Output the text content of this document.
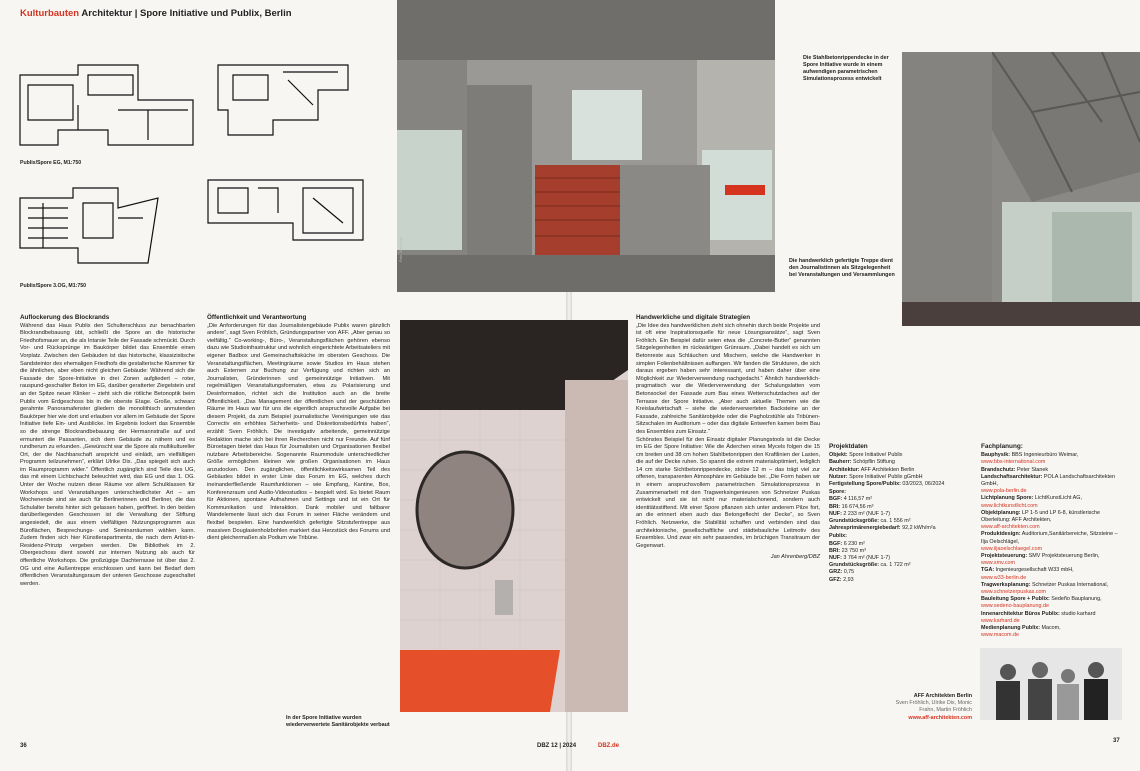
Kulturbauten Architektur | Spore Initiative und Publix, Berlin
Publix/Spore EG, M1:750
Publix/Spore 3.OG, M1:750
Foto: Zara Gold
Die Stahlbetonrippendecke in der Spore Initiative wurde in einem aufwendigen parametrischen Simulationsprozess entwickelt
Die handwerklich gefertigte Treppe dient den Journalistinnen als Sitzgelegenheit bei Veranstaltungen und Versammlungen
In der Spore Initiative wurden wiederverwertete Sanitärobjekte verbaut
Auflockerung des Blockrands

Während das Haus Publix den Schulterschluss zur benachbarten Blockrandbebauung übt, schließt die Spore an die historische Friedhofsmauer an, die als Intarsie Teile der Fassade schmückt. Durch Vor- und Rücksprünge im Baukörper bildet das Ensemble einen Vorplatz. Zwischen den Gebäuden ist das historische, klassizistische Sandsteintor des ehemaligen Friedhofs die gestalterische Klammer für die ähnlichen, aber eben nicht gleichen Gebäude: Während sich die Fassade der Spore-Initiative in drei Zonen aufgliedert – roter, rauspund-geschalter Beton im EG, darüber geratterter Ziegelstein und an der Spitze neuer Klinker – zieht sich die rötliche Betonoptik beim Publix vom Erdgeschoss bis in die oberste Etage. Große, schwarz gerahmte Panoramafenster gliedern die monolithisch anmutenden Baukörper hier wie dort und erlauben vor allem im Gebäude der Spore Initiative tiefe Ein- und Ausblicke. Im Ergebnis lockert das Ensemble so die strenge Blockrandbebauung der Hermannstraße auf und ermuntert die Passanten, sich dem Gebäude zu nähern und es rundherum zu erkunden. „Gewünscht war die Spore als multikultureller Ort, der die Nachbarschaft anspricht und einlädt, am vielfältigen Programm teilzunehmen“, erklärt Ulrike Dix. „Das spiegelt sich auch im Raumprogramm wider.“ Öffentlich zugänglich sind Teile des UG, das mit einem Lichtschacht beleuchtet wird, das EG und das 1. OG. Unter der Woche nutzen diese Räume vor allem Schulklassen für Workshops und Veranstaltungen unterschiedlichster Art – am Wochenende sind sie auch für Berlinerinnen und Berliner, die das Schulalter bereits hinter sich gelassen haben, geöffnet. In den beiden darüberliegenden Geschossen ist die Verwaltung der Stiftung angesiedelt, die aus einem vielfältigen Nutzungsprogramm aus Büroflächen, Besprechungs- und Seminarräumen wählen kann. Zudem finden sich hier Künstlerapartments, die nach dem Artist-in-Residenz-Prinzip vergeben werden. Die Bibliothek im 2. Obergeschoss dient sowohl zur internen Nutzung als auch für öffentliche Workshops. Die großzügige Dachterrasse ist über das 2. OG und eine Außentreppe erschlossen und kann bei Bedarf dem öffentlichen Veranstaltungsraum der unteren Geschosse zugeschaltet werden.

Öffentlichkeit und Verantwortung

„Die Anforderungen für das Journalistengebäude Publix waren gänzlich andere“, sagt Sven Fröhlich, Gründungspartner von AFF. „Aber genau so vielfältig.“ Co-working-, Büro-, Veranstaltungsflächen gehören ebenso dazu wie Studioinfrastruktur und wohnlich eingerichtete Arbeitsateliers mit eigener Badbox und Gemeinschaftsküche im obersten Geschoss. Die Veranstaltungsflächen, Meetingräume sowie Studios im Haus stehen auch Externen zur Buchung zur Verfügung und richten sich an Journalisten, Gründerinnen und gemeinnützige Initiativen. Mit regelmäßigen Veranstaltungsformaten, etwa zu Polarisierung und Desinformation, richtet sich die Institution auch an die breite Öffentlichkeit. „Das Management der öffentlichen und der geschützten Räume im Haus war für uns die eigentlich anspruchsvolle Aufgabe bei diesem Projekt, da zum Beispiel journalistische Vereinigungen wie das Correctiv ein erhöhtes Sicherheits- und Diskretionsbedürfnis haben“, erzählt Sven Fröhlich. Die investigativ arbeitende, gemeinnützige Redaktion mache sich bei ihren Recherchen nicht nur Freunde. Auf fünf Büroetagen bietet das Haus für Journalisten und Organisationen flexibel nutzbare Arbeitsbereiche. Sogenannte Raummodule unterschiedlicher Größe ermöglichen kleinen wie großen Organisationen im Haus anzudocken. Den zugänglichen, öffentlichkeitswirksamen Teil des Gebäudes bildet in erster Linie das Forum im EG, welches durch ineinanderfließende Raumfunktionen – wie Empfang, Kantine, Box, Konferenzraum und Audio-Videostudios – bespielt wird. Es bietet Raum für Aktionen, spontane Aufnahmen und Settings und ist ein Ort für Kommunikation und Interaktion. Dank mobiler und faltbarer Wandelemente lässt sich das Forum in seiner Fläche verändern und flexibel bespielen. Eine handwerklich gefertigte Sitzstufentreppe aus massiven Douglasienholzbohlen markiert das Herzstück des Forums und dient gleichermaßen als Podium wie Tribüne.

Handwerkliche und digitale Strategien

„Die Idee des handwerklichen zieht sich ohnehin durch beide Projekte und ist oft eine Inspirationsquelle für neue Lösungsansätze“, sagt Sven Fröhlich. Ein Beispiel dafür seien etwa die „Concrete-Butter“ genannten Sitzgelegenheiten im rückwärtigen Grünraum. „Dabei handelt es sich um Betonreste aus Schläuchen und Mischern, welche die Handwerker in simplen Folienbehältnissen auffangen. Wir fanden die Strukturen, die sich daraus ergeben haben sehr interessant, und haben daher über eine Möglichkeit zur Wiederverwendung nachgedacht.“ Ähnlich handwerklich-pragmatisch war die Wiederverwendung der Schalungslatten vom Betonsockel der Fassade zum Bau eines Wetterschutzdaches auf der Terrasse der Spore Initiative. „Aber auch aktuelle Themen wie die Kreislaufwirtschaft – siehe die wiederverwerteten Backsteine an der Fassade, zahlreiche Sanitärobjekte oder die Pagholzstühle als Tribünen-Sitzschalen im Auditorium – oder das digitale Entwerfen kamen beim Bau des Ensembles zum Einsatz.“

Schönstes Beispiel für den Einsatz digitaler Planungstools ist die Decke im EG der Spore Initiative: Wie die Äderchen eines Mycels folgen die 15 cm breiten und 38 cm hohen Stahlbetonrippen den Kraftlinien der Lasten, die auf der Decke ruhen. So spannt die extrem materialoptimiert, lediglich 14 cm starke Sichtbetonrippendecke, stolze 12 m – das trägt viel zur offenen, transparenten Atmosphäre im Gebäude bei. „Die Form haben wir in einem anspruchsvollem parametrischen Simulationsprozess in Zusammenarbeit mit den Tragwerksingenieuren von Schnetzer Puskas entwickelt und sie ist nicht nur materialschonend, sondern auch identitätsstiftend. Mit einer Spore pflanzen sich unter anderem Pilze fort, an die erinnert eben auch das Betongeflecht der Decke“, so Sven Fröhlich. Netzwerke, die Stabilität schaffen und verbinden sind das architektonische, gesellschaftliche und städtebauliche Leitmotiv des Ensembles. Und zwar ein sehr passendes, im brüchigen Transitraum der Gegenwart.

Jan Ahrenberg/DBZ

Projektdaten
Objekt: Spore Initiative/ Publix
Bauherr: Schöpflin Stiftung
Architektur: AFF Architekten Berlin
Nutzer: Spore Initiative/ Publix gGmbH
Fertigstellung Spore/Publix: 03/2023, 06/2024
Spore:
BGF: 4 116,57 m²
BRI: 16 674,56 m³
NUF: 2 233 m² (NUF 1-7)
Grundstücksgröße: ca. 1 556 m²
Jahresprimärenergiebedarf: 92,2 kWh/m²a
Publix:
BGF: 6 230 m²
BRI: 23 750 m³
NUF: 3 764 m² (NUF 1-7)
Grundstücksgröße: ca. 1 722 m²
GRZ: 0,75
GFZ: 2,93
AFF Architekten Berlin
Sven Fröhlich, Ulrike Dix, Monic Frahn, Martin Fröhlich
www.aff-architekten.com
Fachplanung:
Bauphysik: BBS Ingenieurbüro Weimar,
www.bbs-international.com
Brandschutz: Peter Stanek
Landschaftsarchitektur: POLA Landschaftsarchitekten GmbH,
www.pola-berlin.de
Lichtplanung Spore: LichtKunstLicht AG,
www.lichtkunstlicht.com
Objektplanung: LP 1-5 und LP 6-8, künstlerische Oberleitung: AFF Architekten,
www.aff-architekten.com
Produktdesign: Auditorium,Sanitärbereiche, Sitzsteine – Ilja Oelschlägel,
www.iljaoelschlaegel.com
Projektsteuerung: SMV Projektsteuerung Berlin,
www.smv.com
TGA: Ingenieurgesellschaft W33 mbH,
www.w33-berlin.de
Tragwerksplanung: Schnetzer Puskas International,
www.schnetzerpuskas.com
Bauleitung Spore + Publix: Sedeño Bauplanung,
www.sedeno-bauplanung.de
Innenarchitektur Büros Publix: studio karhard
www.karhard.de
Medienplanung Publix: Macom,
www.macom.de
36	DBZ 12 | 2024	DBZ.de
37
